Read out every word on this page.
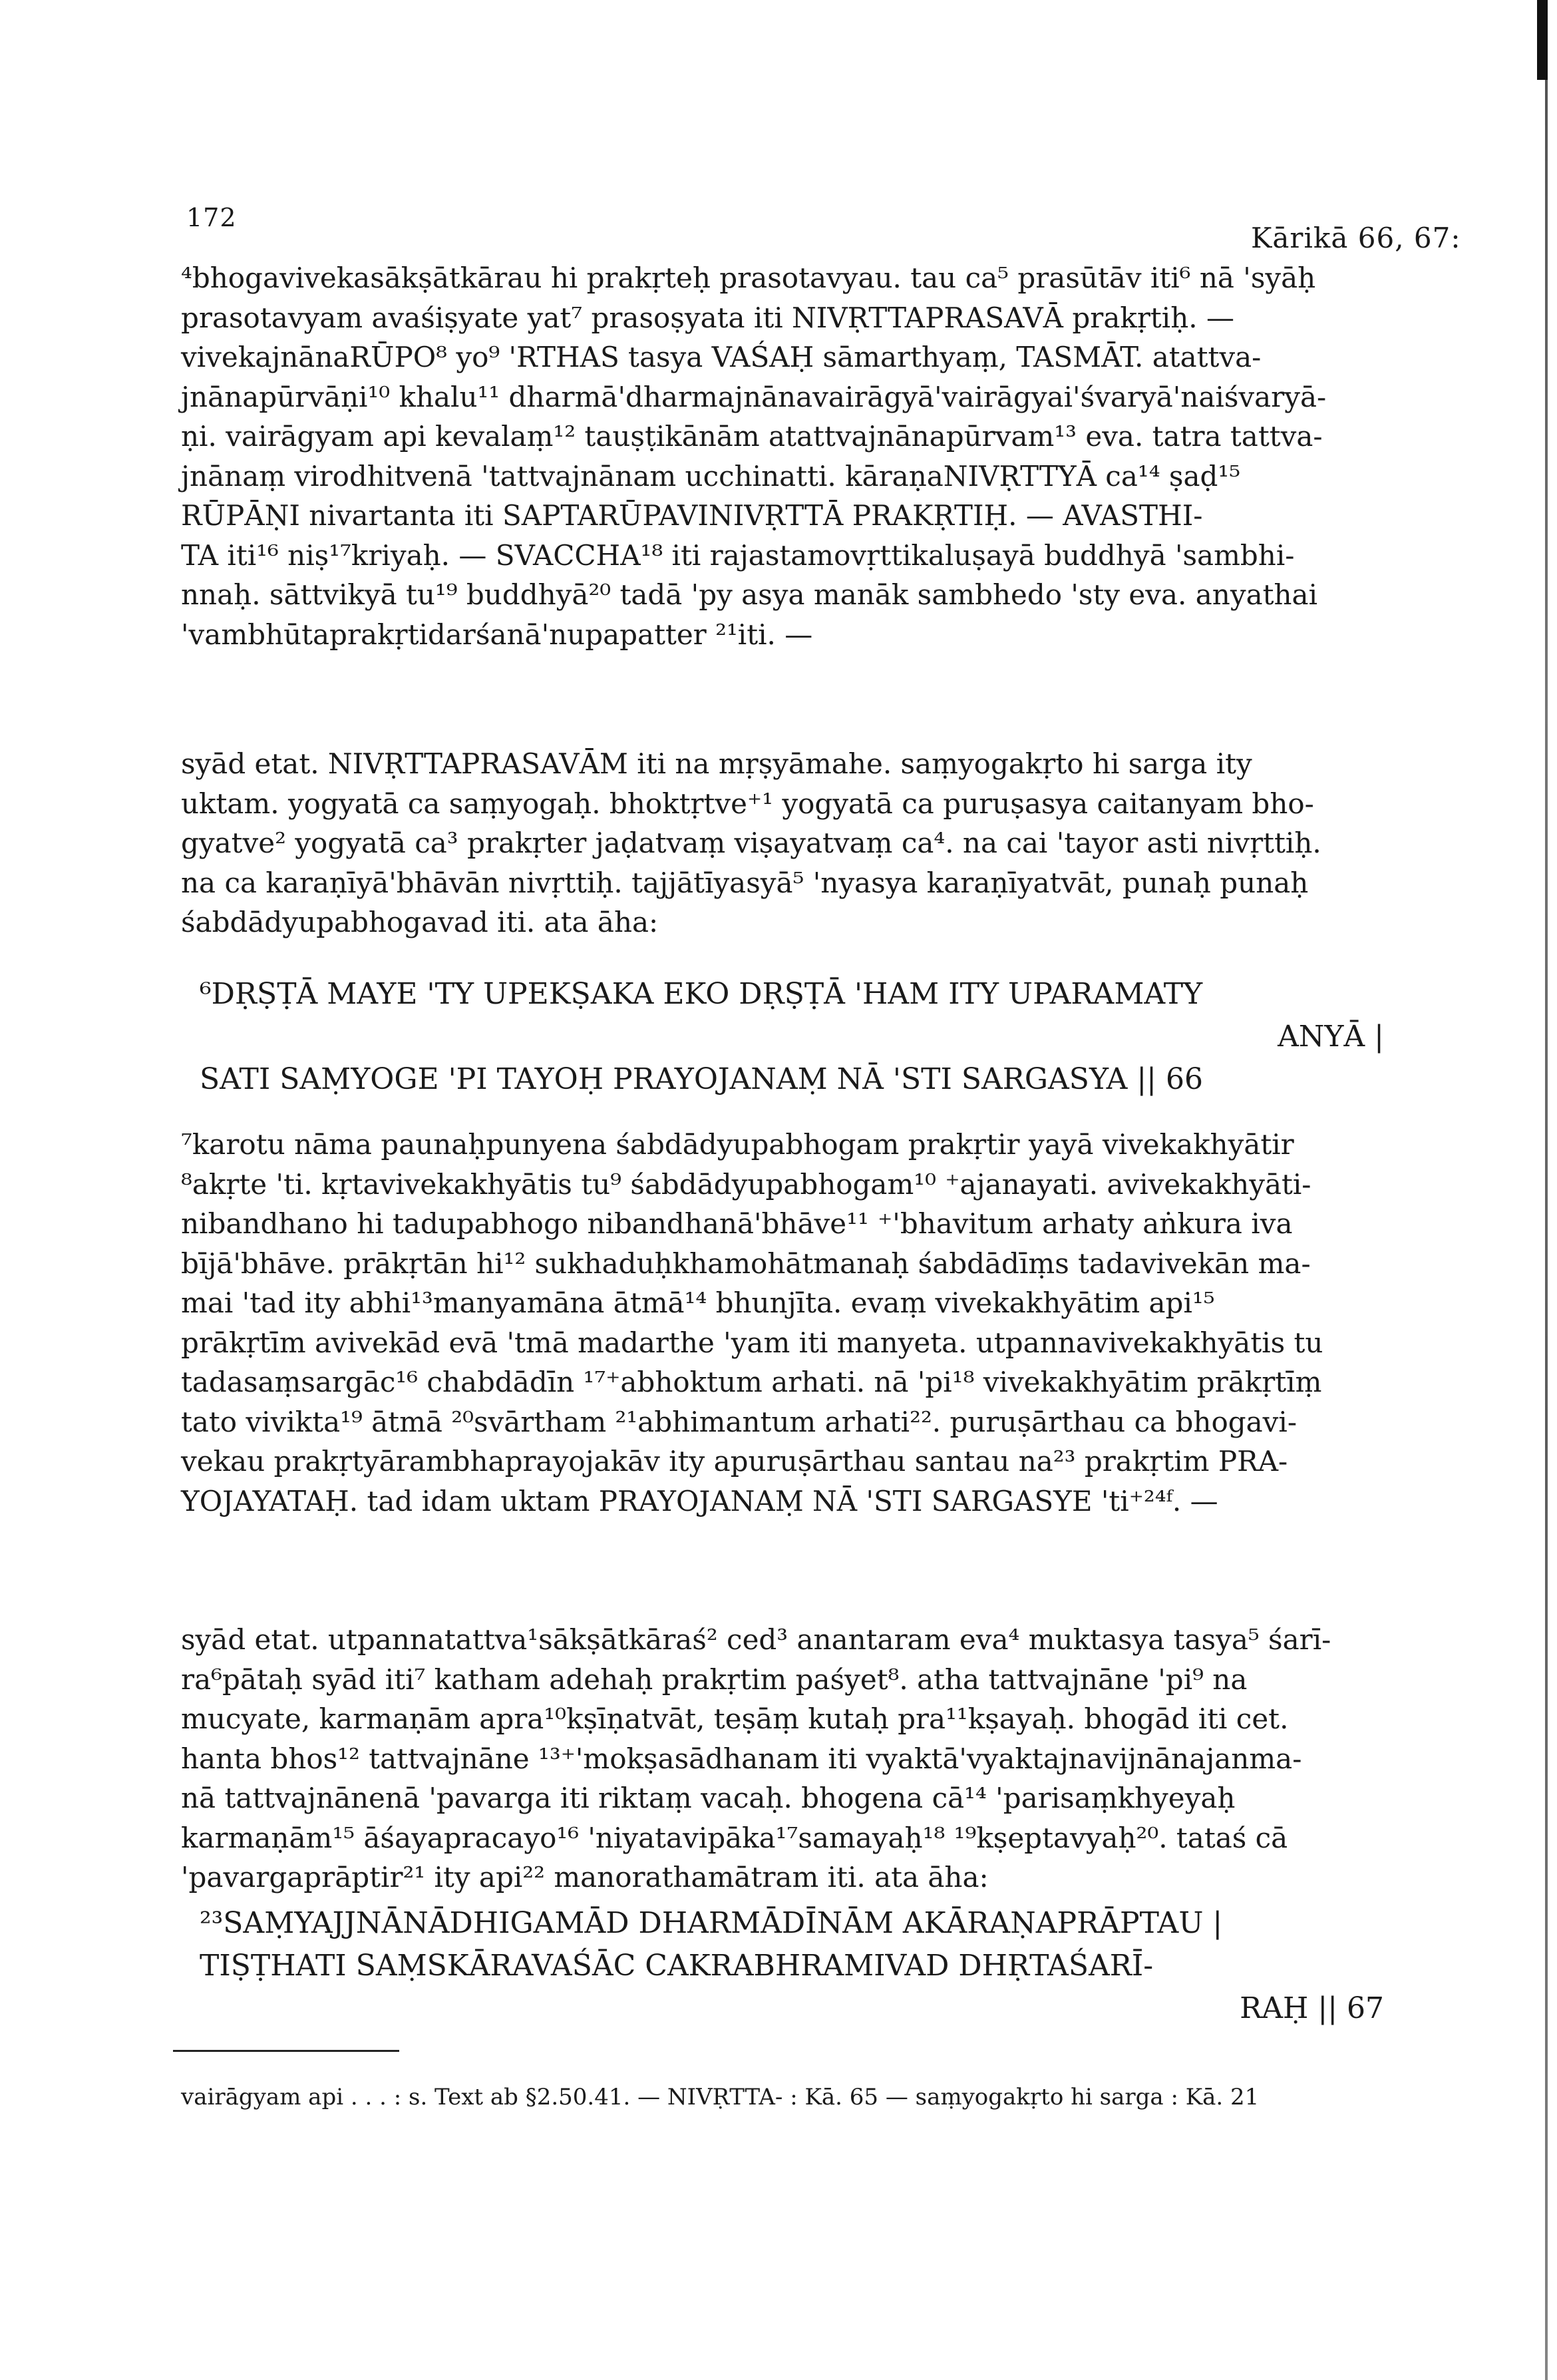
172
Kārikā 66, 67:
⁴bhogavivekasākṣātkārau hi prakṛteḥ prasotavyau. tau ca⁵ prasūtāv iti⁶ nā 'syāḥ
prasotavyam avaśiṣyate yat⁷ prasoṣyata iti NIVṚTTAPRASAVĀ prakṛtiḥ. —
vivekajnānaRŪPO⁸ yo⁹ 'RTHAS tasya VAŚAḤ sāmarthyaṃ, TASMĀT. atattva-
jnānapūrvāṇi¹⁰ khalu¹¹ dharmā'dharmajnānavairāgyā'vairāgyai'śvaryā'naiśvaryā-
ṇi. vairāgyam api kevalaṃ¹² tauṣṭikānām atattvajnānapūrvam¹³ eva. tatra tattva-
jnānaṃ virodhitvenā 'tattvajnānam ucchinatti. kāraṇaNIVṚTTYĀ ca¹⁴ ṣaḍ¹⁵
RŪPĀṆI nivartanta iti SAPTARŪPAVINIVṚTTĀ PRAKṚTIḤ. — AVASTHI-
TA iti¹⁶ niṣ¹⁷kriyaḥ. — SVACCHA¹⁸ iti rajastamovṛttikaluṣayā buddhyā 'sambhi-
nnaḥ. sāttvikyā tu¹⁹ buddhyā²⁰ tadā 'py asya manāk sambhedo 'sty eva. anyathai
'vambhūtaprakṛtidarśanā'nupapatter ²¹iti. —
syād etat. NIVṚTTAPRASAVĀM iti na mṛṣyāmahe. saṃyogakṛto hi sarga ity
uktam. yogyatā ca saṃyogaḥ. bhoktṛtve⁺¹ yogyatā ca puruṣasya caitanyam bho-
gyatve² yogyatā ca³ prakṛter jaḍatvaṃ viṣayatvaṃ ca⁴. na cai 'tayor asti nivṛttiḥ.
na ca karaṇīyā'bhāvān nivṛttiḥ. tajjātīyasyā⁵ 'nyasya karaṇīyatvāt, punaḥ punaḥ
śabdādyupabhogavad iti. ata āha:
⁶DṚṢṬĀ MAYE 'TY UPEKṢAKA EKO DṚṢṬĀ 'HAM ITY UPARAMATY
ANYĀ |
SATI SAṂYOGE 'PI TAYOḤ PRAYOJANAṂ NĀ 'STI SARGASYA || 66
⁷karotu nāma paunaḥpunyena śabdādyupabhogam prakṛtir yayā vivekakhyātir
⁸akṛte 'ti. kṛtavivekakhyātis tu⁹ śabdādyupabhogam¹⁰ ⁺ajanayati. avivekakhyāti-
nibandhano hi tadupabhogo nibandhanā'bhāve¹¹ ⁺'bhavitum arhaty aṅkura iva
bījā'bhāve. prākṛtān hi¹² sukhaduḥkhamohātmanaḥ śabdādīṃs tadavivekān ma-
mai 'tad ity abhi¹³manyamāna ātmā¹⁴ bhunjīta. evaṃ vivekakhyātim api¹⁵
prākṛtīm avivekād evā 'tmā madarthe 'yam iti manyeta. utpannavivekakhyātis tu
tadasaṃsargāc¹⁶ chabdādīn ¹⁷⁺abhoktum arhati. nā 'pi¹⁸ vivekakhyātim prākṛtīṃ
tato vivikta¹⁹ ātmā ²⁰svārtham ²¹abhimantum arhati²². puruṣārthau ca bhogavi-
vekau prakṛtyārambhaprayojakāv ity apuruṣārthau santau na²³ prakṛtim PRA-
YOJAYATAḤ. tad idam uktam PRAYOJANAṂ NĀ 'STI SARGASYE 'ti⁺²⁴ᶠ. —
syād etat. utpannatattva¹sākṣātkāraś² ced³ anantaram eva⁴ muktasya tasya⁵ śarī-
ra⁶pātaḥ syād iti⁷ katham adehaḥ prakṛtim paśyet⁸. atha tattvajnāne 'pi⁹ na
mucyate, karmaṇām apra¹⁰kṣīṇatvāt, teṣāṃ kutaḥ pra¹¹kṣayaḥ. bhogād iti cet.
hanta bhos¹² tattvajnāne ¹³⁺'mokṣasādhanam iti vyaktā'vyaktajnavijnānajanma-
nā tattvajnānenā 'pavarga iti riktaṃ vacaḥ. bhogena cā¹⁴ 'parisaṃkhyeyaḥ
karmaṇām¹⁵ āśayapracayo¹⁶ 'niyatavipāka¹⁷samayaḥ¹⁸ ¹⁹kṣeptavyaḥ²⁰. tataś cā
'pavargaprāptir²¹ ity api²² manorathamātram iti. ata āha:
²³SAṂYAJJNĀNĀDHIGAMĀD DHARMĀDĪNĀM AKĀRAṆAPRĀPTAU |
TIṢṬHATI SAṂSKĀRAVAŚĀC CAKRABHRAMIVAD DHṚTAŚARĪ-
RAḤ || 67
vairāgyam api . . . : s. Text ab §2.50.41. — NIVṚTTA- : Kā. 65 — saṃyogakṛto hi sarga : Kā. 21
